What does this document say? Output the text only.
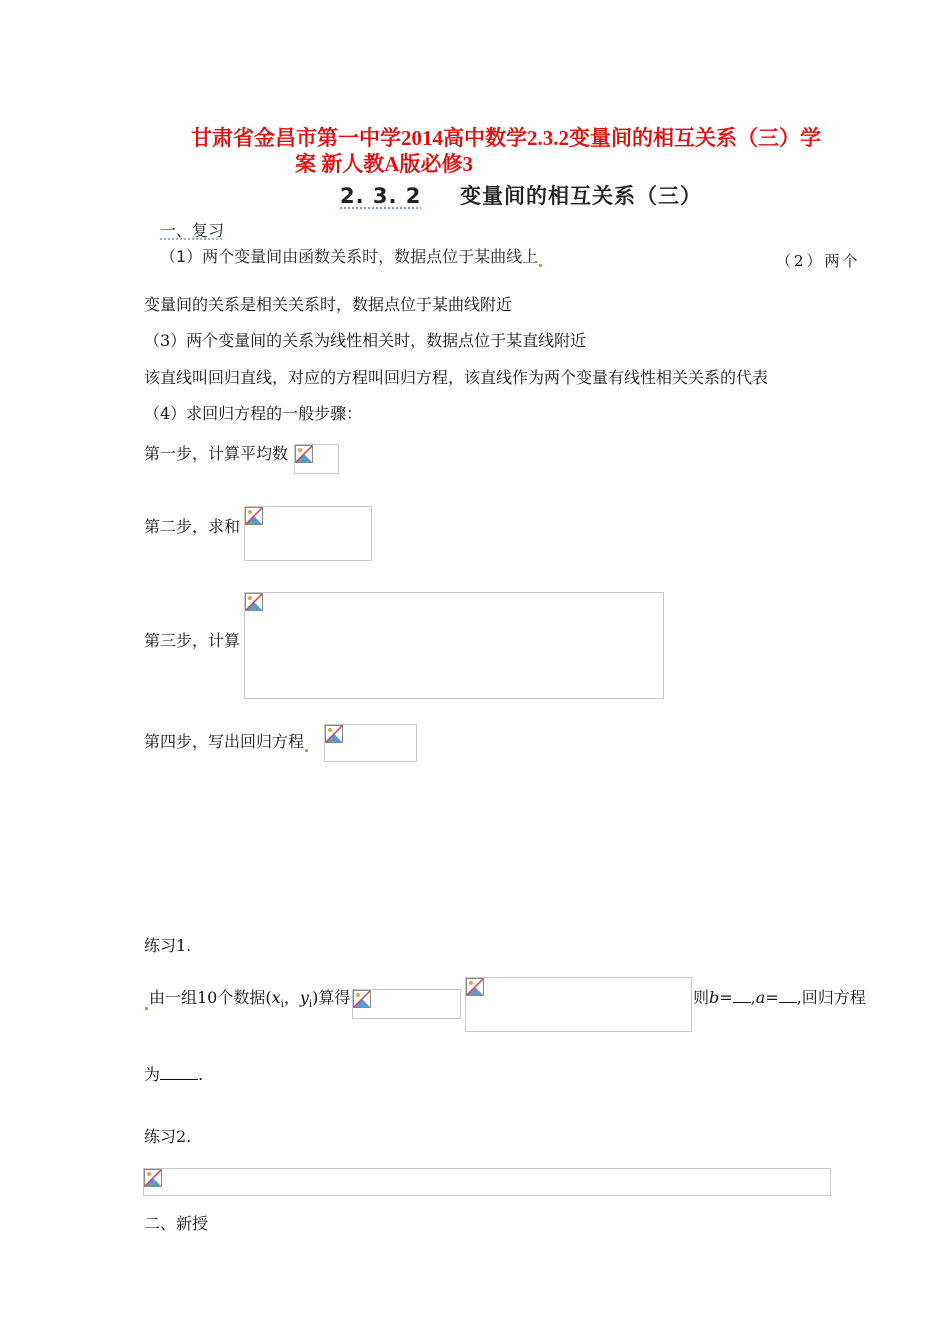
甘肃省金昌市第一中学2014高中数学2.3.2变量间的相互关系（三）学
案 新人教A版必修3
2. 3. 2 变量间的相互关系（三）
一、复习
（1）两个变量间由函数关系时，数据点位于某曲线上	（2）两个
变量间的关系是相关关系时，数据点位于某曲线附近
（3）两个变量间的关系为线性相关时，数据点位于某直线附近
该直线叫回归直线，对应的方程叫回归方程，该直线作为两个变量有线性相关关系的代表
（4）求回归方程的一般步骤：
第一步，计算平均数
第二步，求和
第三步，计算
第四步，写出回归方程
练习1.
由一组10个数据($x_i$，$y_i$)算得	则b= ,a= ,回归方程
为 .
练习2.
二、新授
